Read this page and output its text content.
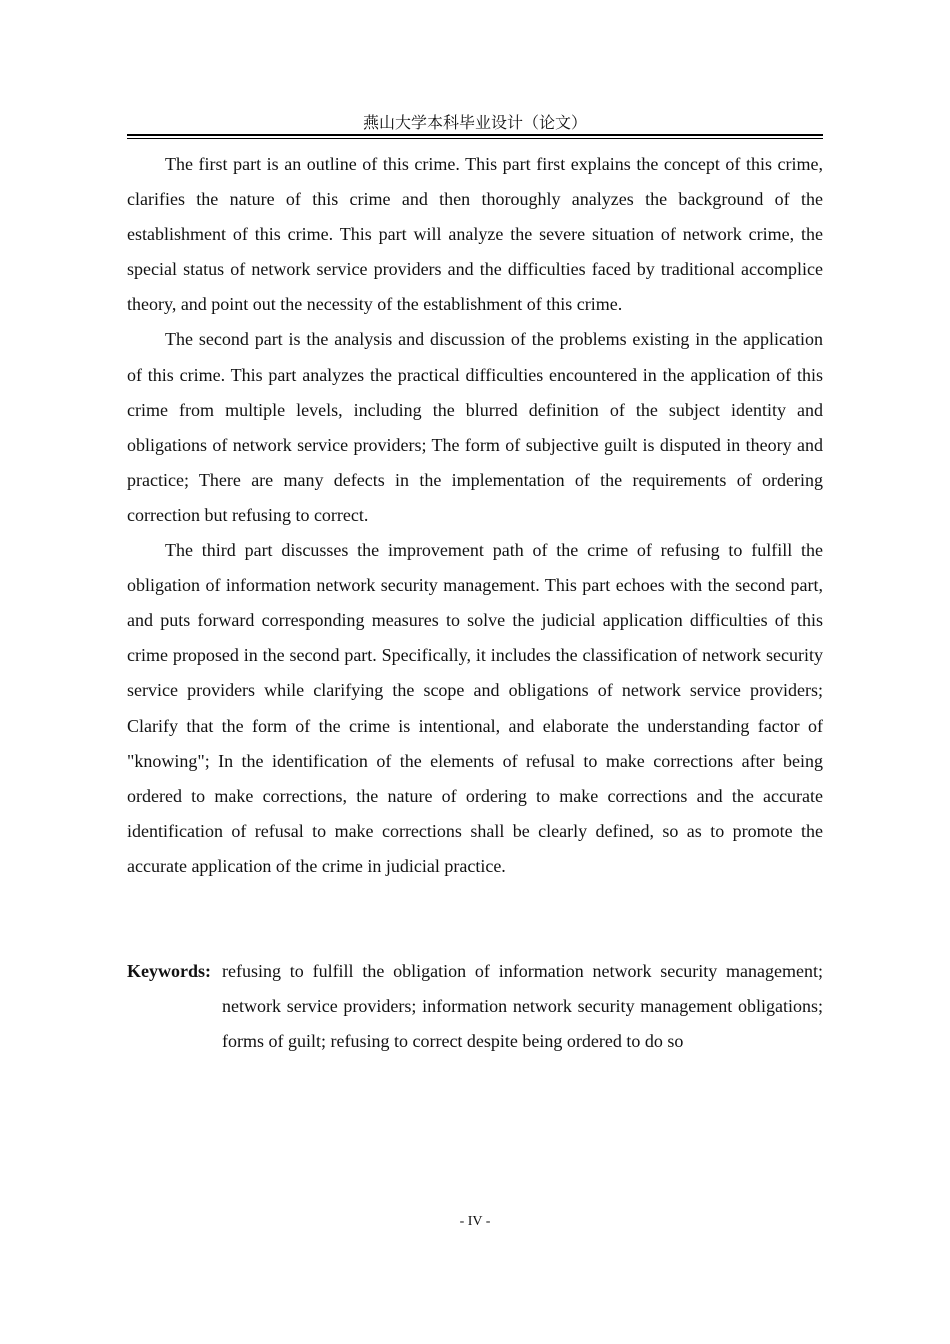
燕山大学本科毕业设计（论文）

The first part is an outline of this crime. This part first explains the concept of this crime, clarifies the nature of this crime and then thoroughly analyzes the background of the establishment of this crime. This part will analyze the severe situation of network crime, the special status of network service providers and the difficulties faced by traditional accomplice theory, and point out the necessity of the establishment of this crime.

The second part is the analysis and discussion of the problems existing in the application of this crime. This part analyzes the practical difficulties encountered in the application of this crime from multiple levels, including the blurred definition of the subject identity and obligations of network service providers; The form of subjective guilt is disputed in theory and practice; There are many defects in the implementation of the requirements of ordering correction but refusing to correct.

The third part discusses the improvement path of the crime of refusing to fulfill the obligation of information network security management. This part echoes with the second part, and puts forward corresponding measures to solve the judicial application difficulties of this crime proposed in the second part. Specifically, it includes the classification of network security service providers while clarifying the scope and obligations of network service providers; Clarify that the form of the crime is intentional, and elaborate the understanding factor of "knowing"; In the identification of the elements of refusal to make corrections after being ordered to make corrections, the nature of ordering to make corrections and the accurate identification of refusal to make corrections shall be clearly defined, so as to promote the accurate application of the crime in judicial practice.

Keywords: refusing to fulfill the obligation of information network security management; network service providers; information network security management obligations; forms of guilt; refusing to correct despite being ordered to do so
- IV -
